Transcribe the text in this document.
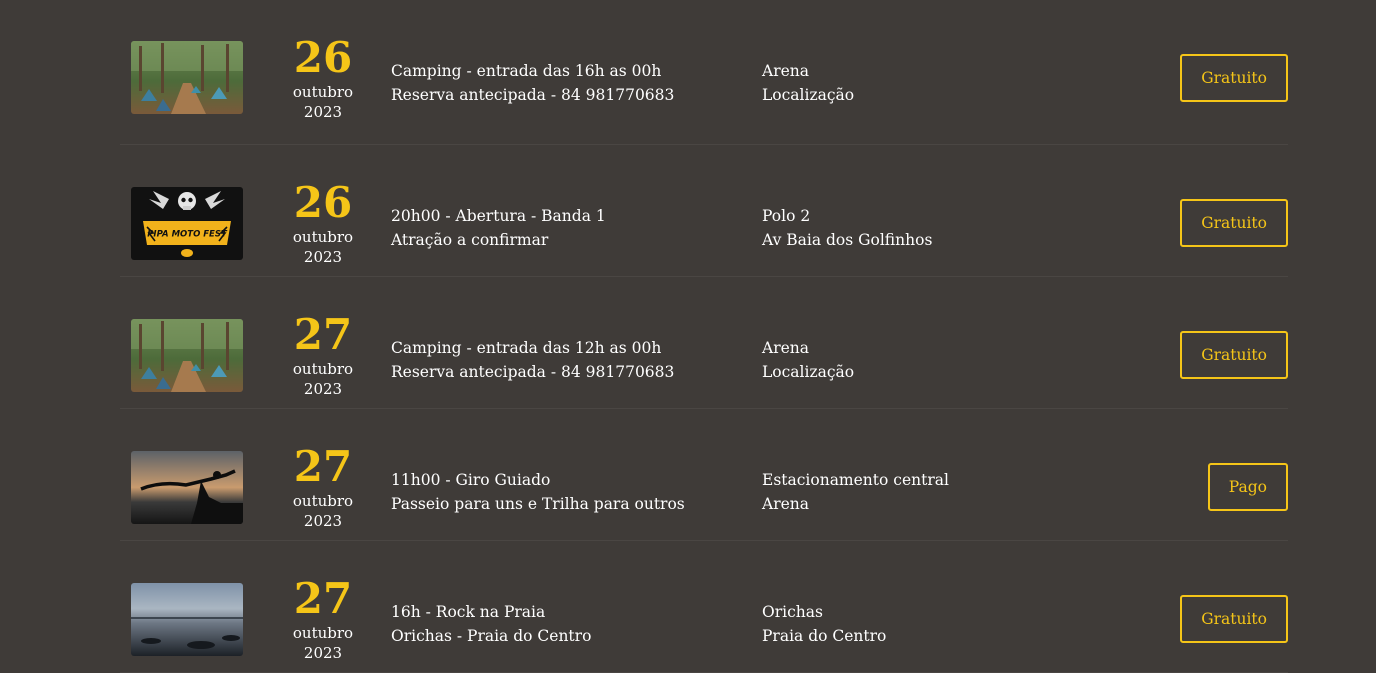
26
outubro
2023
Camping - entrada das 16h as 00h
Reserva antecipada - 84 981770683
Arena
Localização
Gratuito
PIPA MOTO FEST
26
outubro
2023
20h00 - Abertura - Banda 1
Atração a confirmar
Polo 2
Av Baia dos Golfinhos
Gratuito
27
outubro
2023
Camping - entrada das 12h as 00h
Reserva antecipada - 84 981770683
Arena
Localização
Gratuito
27
outubro
2023
11h00 - Giro Guiado
Passeio para uns e Trilha para outros
Estacionamento central
Arena
Pago
27
outubro
2023
16h - Rock na Praia
Orichas - Praia do Centro
Orichas
Praia do Centro
Gratuito
